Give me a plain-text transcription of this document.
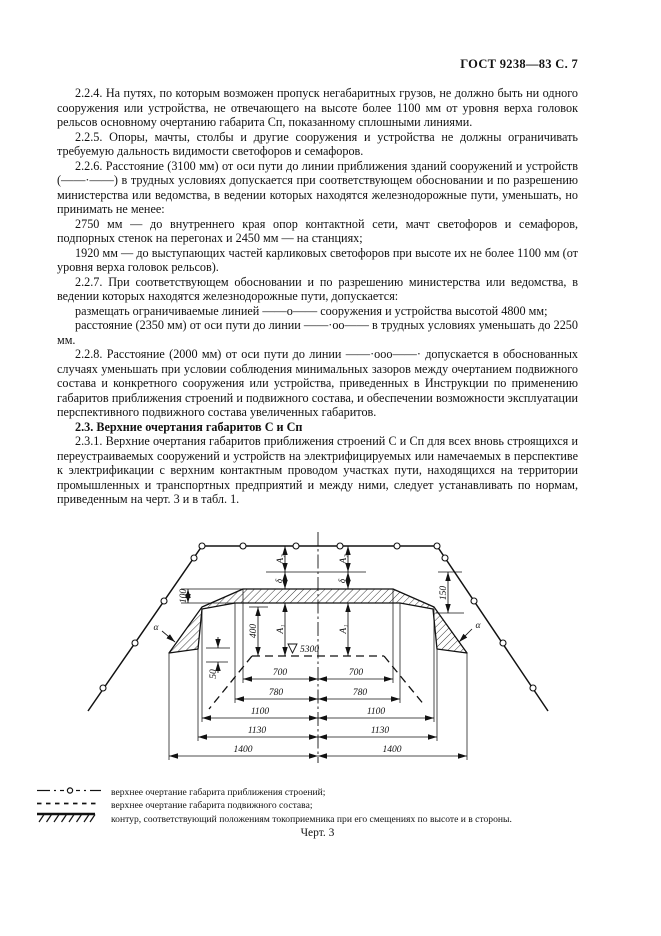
ГОСТ 9238—83 С. 7

2.2.4. На путях, по которым возможен пропуск негабаритных грузов, не должно быть ни одного сооружения или устройства, не отвечающего на высоте более 1100 мм от уровня верха головок рельсов основному очертанию габарита Сп, показанному сплошными линиями.

2.2.5. Опоры, мачты, столбы и другие сооружения и устройства не должны ограничивать требуемую дальность видимости светофоров и семафоров.

2.2.6. Расстояние (3100 мм) от оси пути до линии приближения зданий сооружений и устройств (——·——) в трудных условиях допускается при соответствующем обосновании и по разрешению министерства или ведомства, в ведении которых находятся железнодорожные пути, уменьшать, но принимать не менее:

2750 мм — до внутреннего края опор контактной сети, мачт светофоров и семафоров, подпорных стенок на перегонах и 2450 мм — на станциях;

1920 мм — до выступающих частей карликовых светофоров при высоте их не более 1100 мм (от уровня верха головок рельсов).

2.2.7. При соответствующем обосновании и по разрешению министерства или ведомства, в ведении которых находятся железнодорожные пути, допускается:

размещать ограничиваемые линией ——о—— сооружения и устройства высотой 4800 мм;

расстояние (2350 мм) от оси пути до линии ——·оо—— в трудных условиях уменьшать до 2250 мм.

2.2.8. Расстояние (2000 мм) от оси пути до линии ——·ооо——· допускается в обоснованных случаях уменьшать при условии соблюдения минимальных зазоров между очертанием подвижного состава и конкретного сооружения или устройства, приведенных в Инструкции по применению габаритов приближения строений и подвижного состава, и обеспечении возможности эксплуатации перспективного подвижного состава увеличенных габаритов.

2.3. Верхние очертания габаритов С и Сп

2.3.1. Верхние очертания габаритов приближения строений С и Сп для всех вновь строящихся и переустраиваемых сооружений и устройств на электрифицируемых или намечаемых в перспективе к электрификации с верхним контактным проводом участках пути, находящихся на территории промышленных и транспортных предприятий и между ними, следует устанавливать по нормам, приведенным на черт. 3 и в табл. 1.

A₂	A₂
δ	δ
A₁	A₁
400
100	150
50
α	α
5300
700	700
780	780
1100	1100
1130	1130
1400	1400
верхнее очертание габарита приближения строений;
верхнее очертание габарита подвижного состава;
контур, соответствующий положениям токоприемника при его смещениях по высоте и в стороны.
Черт. 3
